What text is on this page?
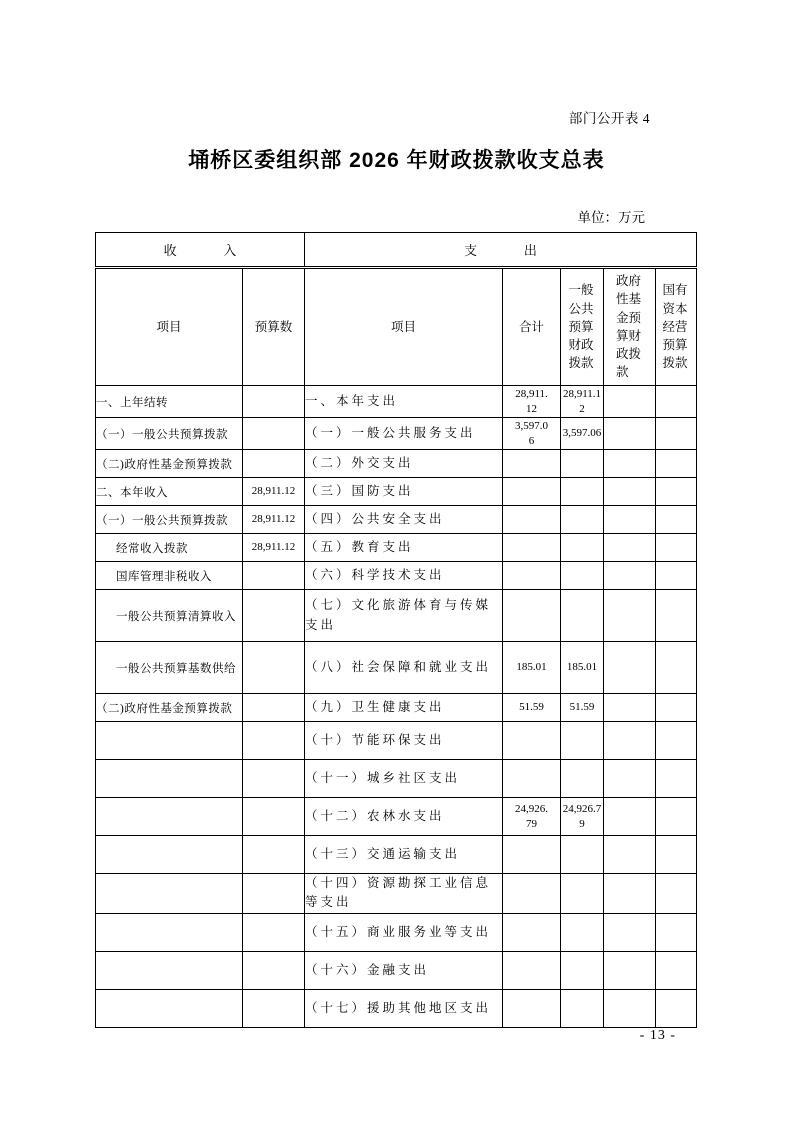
部门公开表 4
埇桥区委组织部 2026 年财政拨款收支总表
单位：万元
收入		支出				
项目	预算数	项目	合计	一般公共预算财政拨款	政府性基金预算财政拨款	国有资本经营预算拨款
一、上年结转		一、本年支出	28,911.12	28,911.12		
（一）一般公共预算拨款		（一）一般公共服务支出	3,597.06	3,597.06		
（二)政府性基金预算拨款		（二）外交支出				
二、本年收入	28,911.12	（三）国防支出				
（一）一般公共预算拨款	28,911.12	（四）公共安全支出				
经常收入拨款	28,911.12	（五）教育支出				
国库管理非税收入		（六）科学技术支出				
一般公共预算清算收入		（七）文化旅游体育与传媒支出				
一般公共预算基数供给		（八）社会保障和就业支出	185.01	185.01		
（二)政府性基金预算拨款		（九）卫生健康支出	51.59	51.59		
		（十）节能环保支出				
		（十一）城乡社区支出				
		（十二）农林水支出	24,926.79	24,926.79		
		（十三）交通运输支出				
		（十四）资源勘探工业信息等支出				
		（十五）商业服务业等支出				
		（十六）金融支出				
		（十七）援助其他地区支出				
- 13 -
